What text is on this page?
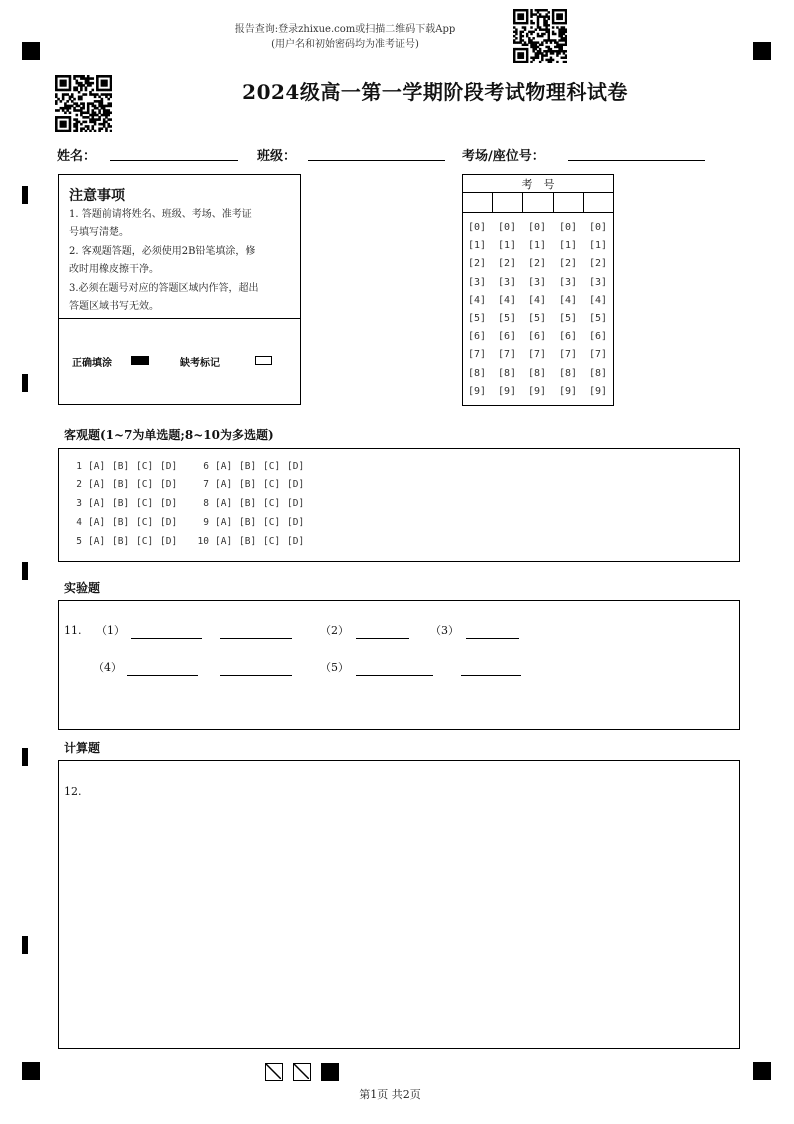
报告查询:登录zhixue.com或扫描二维码下载App
(用户名和初始密码均为准考证号)
2024级高一第一学期阶段考试物理科试卷
姓名：	班级：	考场/座位号：
注意事项
1. 答题前请将姓名、班级、考场、准考证
号填写清楚。
2. 客观题答题，必须使用2B铅笔填涂，修
改时用橡皮擦干净。
3.必须在题号对应的答题区域内作答，超出
答题区域书写无效。
正确填涂	缺考标记
考　号
[0]	[0]	[0]	[0]	[0]
[1]	[1]	[1]	[1]	[1]
[2]	[2]	[2]	[2]	[2]
[3]	[3]	[3]	[3]	[3]
[4]	[4]	[4]	[4]	[4]
[5]	[5]	[5]	[5]	[5]
[6]	[6]	[6]	[6]	[6]
[7]	[7]	[7]	[7]	[7]
[8]	[8]	[8]	[8]	[8]
[9]	[9]	[9]	[9]	[9]
客观题(1~7为单选题;8~10为多选题)
1 [A] [B] [C] [D]
2 [A] [B] [C] [D]
3 [A] [B] [C] [D]
4 [A] [B] [C] [D]
5 [A] [B] [C] [D]
6 [A] [B] [C] [D]
7 [A] [B] [C] [D]
8 [A] [B] [C] [D]
9 [A] [B] [C] [D]
10 [A] [B] [C] [D]
实验题
11. （1）	（2）	（3）
（4）	（5）
计算题
12.
第1页 共2页
